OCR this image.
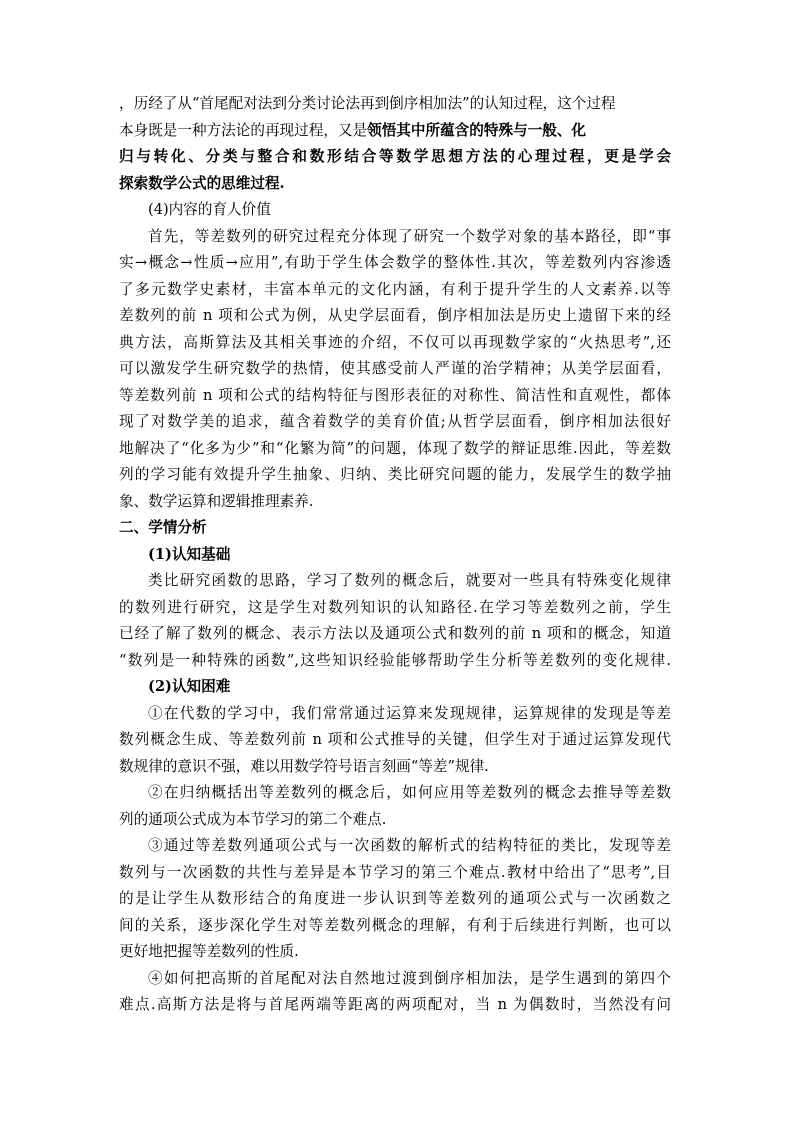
，历经了从“首尾配对法到分类讨论法再到倒序相加法”的认知过程，这个过程
本身既是一种方法论的再现过程，又是领悟其中所蕴含的特殊与一般、化
归与转化、分类与整合和数形结合等数学思想方法的心理过程，更是学会
探索数学公式的思维过程.
(4)内容的育人价值
首先，等差数列的研究过程充分体现了研究一个数学对象的基本路径，即“事
实→概念→性质→应用”,有助于学生体会数学的整体性.其次，等差数列内容渗透
了多元数学史素材，丰富本单元的文化内涵，有利于提升学生的人文素养.以等
差数列的前 n 项和公式为例，从史学层面看，倒序相加法是历史上遗留下来的经
典方法，高斯算法及其相关事迹的介绍，不仅可以再现数学家的“火热思考”,还
可以激发学生研究数学的热情，使其感受前人严谨的治学精神；从美学层面看，
等差数列前 n 项和公式的结构特征与图形表征的对称性、简洁性和直观性，都体
现了对数学美的追求，蕴含着数学的美育价值;从哲学层面看，倒序相加法很好
地解决了“化多为少”和“化繁为简”的问题，体现了数学的辩证思维.因此，等差数
列的学习能有效提升学生抽象、归纳、类比研究问题的能力，发展学生的数学抽
象、数学运算和逻辑推理素养.
二、学情分析
(1)认知基础
类比研究函数的思路，学习了数列的概念后，就要对一些具有特殊变化规律
的数列进行研究，这是学生对数列知识的认知路径.在学习等差数列之前，学生
已经了解了数列的概念、表示方法以及通项公式和数列的前 n 项和的概念，知道
“数列是一种特殊的函数”,这些知识经验能够帮助学生分析等差数列的变化规律.
(2)认知困难
①在代数的学习中，我们常常通过运算来发现规律，运算规律的发现是等差
数列概念生成、等差数列前 n 项和公式推导的关键，但学生对于通过运算发现代
数规律的意识不强，难以用数学符号语言刻画“等差”规律.
②在归纳概括出等差数列的概念后，如何应用等差数列的概念去推导等差数
列的通项公式成为本节学习的第二个难点.
③通过等差数列通项公式与一次函数的解析式的结构特征的类比，发现等差
数列与一次函数的共性与差异是本节学习的第三个难点.教材中给出了“思考”,目
的是让学生从数形结合的角度进一步认识到等差数列的通项公式与一次函数之
间的关系，逐步深化学生对等差数列概念的理解，有利于后续进行判断，也可以
更好地把握等差数列的性质.
④如何把高斯的首尾配对法自然地过渡到倒序相加法，是学生遇到的第四个
难点.高斯方法是将与首尾两端等距离的两项配对，当 n 为偶数时，当然没有问
